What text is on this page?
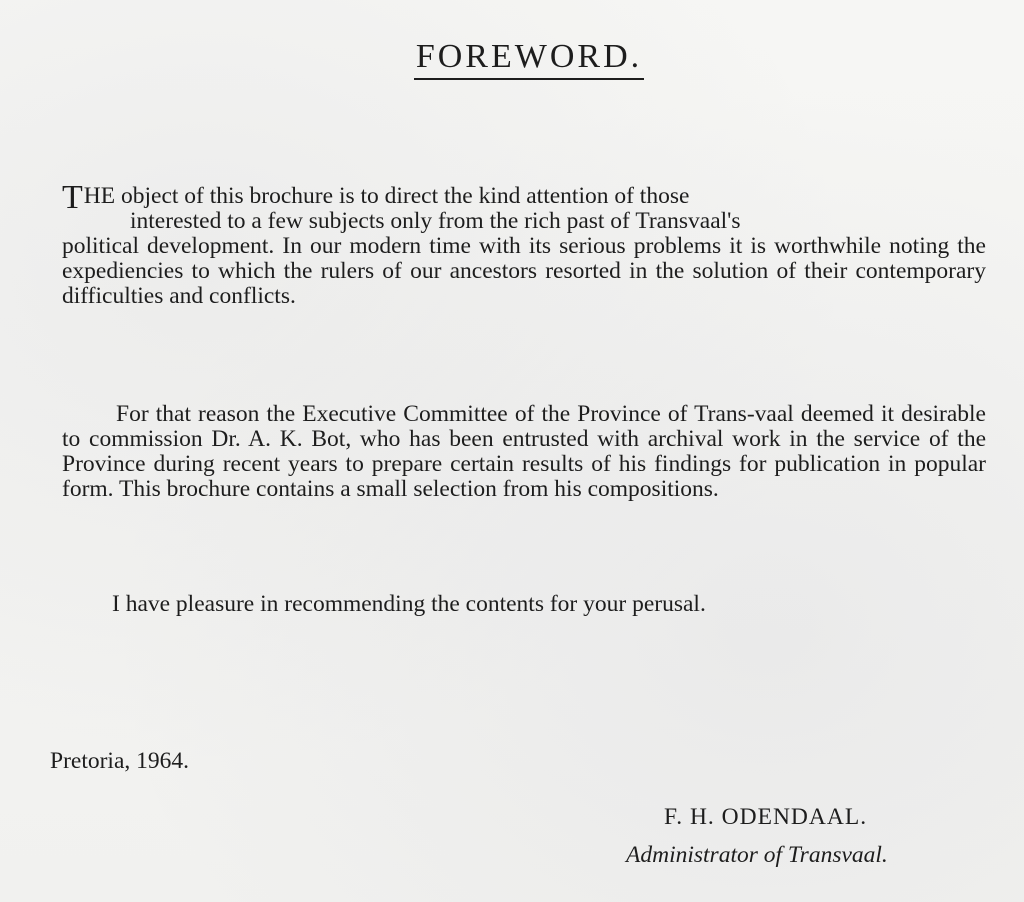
FOREWORD.

T HE object of this brochure is to direct the kind attention of those
interested to a few subjects only from the rich past of Transvaal's
political development. In our modern time with its serious problems it is worthwhile noting the expediencies to which the rulers of our ancestors resorted in the solution of their contemporary difficulties and conflicts.

For that reason the Executive Committee of the Province of Trans-vaal deemed it desirable to commission Dr. A. K. Bot, who has been entrusted with archival work in the service of the Province during recent years to prepare certain results of his findings for publication in popular form. This brochure contains a small selection from his compositions.

I have pleasure in recommending the contents for your perusal.

Pretoria, 1964.

F. H. ODENDAAL.

Administrator of Transvaal.
